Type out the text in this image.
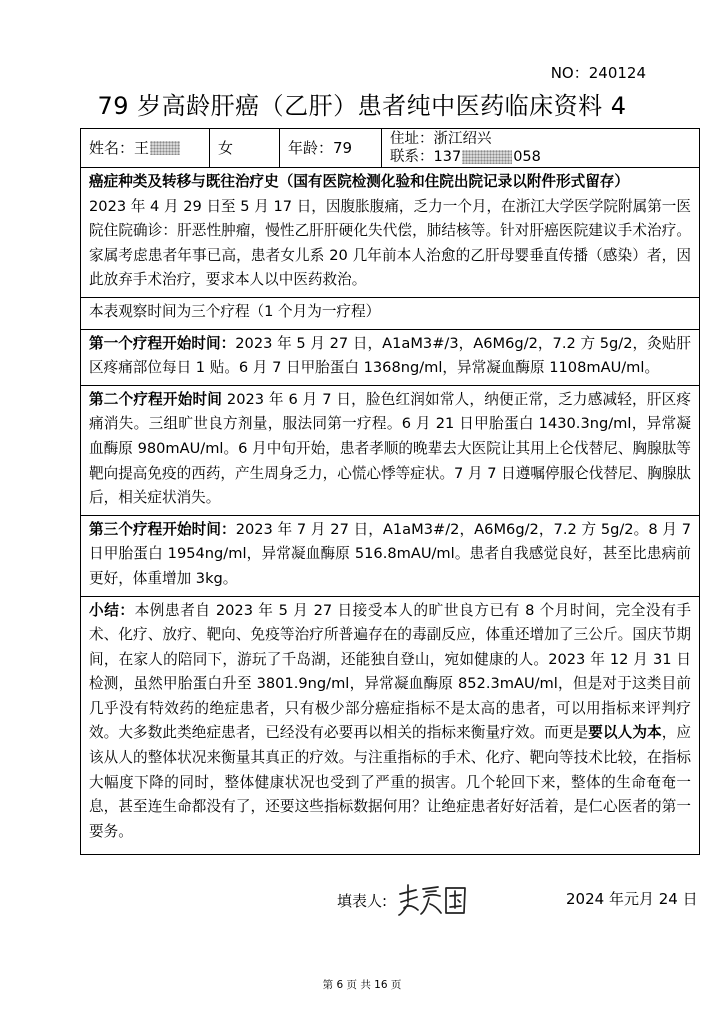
NO：240124
79 岁高龄肝癌（乙肝）患者纯中医药临床资料 4
姓名：王	女	年龄： 79	住址：浙江绍兴
联系：137	058
癌症种类及转移与既往治疗史（国有医院检测化验和住院出院记录以附件形式留存）
2023 年 4 月 29 日至 5 月 17 日，因腹胀腹痛，乏力一个月，在浙江大学医学院附属第一医院住院确诊：肝恶性肿瘤，慢性乙肝肝硬化失代偿，肺结核等。针对肝癌医院建议手术治疗。家属考虑患者年事已高，患者女儿系 20 几年前本人治愈的乙肝母婴垂直传播（感染）者，因此放弃手术治疗，要求本人以中医药救治。
本表观察时间为三个疗程（1 个月为一疗程）
第一个疗程开始时间：2023 年 5 月 27 日，A1aM3#/3，A6M6g/2，7.2 方 5g/2，灸贴肝区疼痛部位每日 1 贴。6 月 7 日甲胎蛋白 1368ng/ml，异常凝血酶原 1108mAU/ml。
第二个疗程开始时间 2023 年 6 月 7 日，脸色红润如常人，纳便正常，乏力感减轻，肝区疼痛消失。三组旷世良方剂量，服法同第一疗程。6 月 21 日甲胎蛋白 1430.3ng/ml，异常凝血酶原 980mAU/ml。6 月中旬开始，患者孝顺的晚辈去大医院让其用上仑伐替尼、胸腺肽等靶向提高免疫的西药，产生周身乏力，心慌心悸等症状。7 月 7 日遵嘱停服仑伐替尼、胸腺肽后，相关症状消失。
第三个疗程开始时间：2023 年 7 月 27 日，A1aM3#/2，A6M6g/2，7.2 方 5g/2。8 月 7 日甲胎蛋白 1954ng/ml，异常凝血酶原 516.8mAU/ml。患者自我感觉良好，甚至比患病前更好，体重增加 3kg。
小结：本例患者自 2023 年 5 月 27 日接受本人的旷世良方已有 8 个月时间，完全没有手术、化疗、放疗、靶向、免疫等治疗所普遍存在的毒副反应，体重还增加了三公斤。国庆节期间，在家人的陪同下，游玩了千岛湖，还能独自登山，宛如健康的人。2023 年 12 月 31 日检测，虽然甲胎蛋白升至 3801.9ng/ml，异常凝血酶原 852.3mAU/ml，但是对于这类目前几乎没有特效药的绝症患者，只有极少部分癌症指标不是太高的患者，可以用指标来评判疗效。大多数此类绝症患者，已经没有必要再以相关的指标来衡量疗效。而更是要以人为本，应该从人的整体状况来衡量其真正的疗效。与注重指标的手术、化疗、靶向等技术比较，在指标大幅度下降的同时，整体健康状况也受到了严重的损害。几个轮回下来，整体的生命奄奄一息，甚至连生命都没有了，还要这些指标数据何用？让绝症患者好好活着，是仁心医者的第一要务。
填表人:	2024 年元月 24 日
第 6 页 共 16 页
